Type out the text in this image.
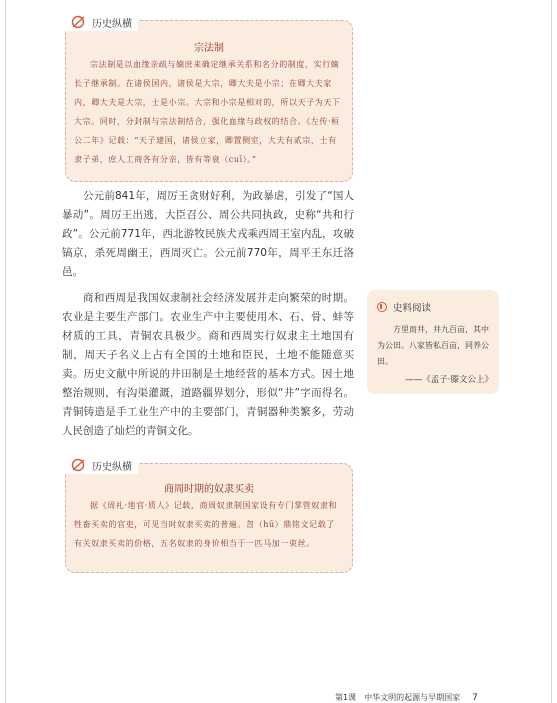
历史纵横
宗法制
宗法制是以血缘亲疏与嫡庶来确定继承关系和名分的制度，实行嫡长子继承制。在诸侯国内，诸侯是大宗，卿大夫是小宗；在卿大夫家内，卿大夫是大宗，士是小宗。大宗和小宗是相对的，所以天子为天下大宗。同时，分封制与宗法制结合，强化血缘与政权的结合。《左传·桓公二年》记载：“天子建国，诸侯立家，卿置侧室，大夫有贰宗，士有隶子弟，庶人工商各有分亲，皆有等衰（cuī）。”
公元前841年，周厉王贪财好利，为政暴虐，引发了“国人暴动”。周厉王出逃，大臣召公、周公共同执政，史称“共和行政”。公元前771年，西北游牧民族犬戎乘西周王室内乱，攻破镐京，杀死周幽王，西周灭亡。公元前770年，周平王东迁洛邑。
商和西周是我国奴隶制社会经济发展并走向繁荣的时期。农业是主要生产部门。农业生产中主要使用木、石、骨、蚌等材质的工具，青铜农具极少。商和西周实行奴隶主土地国有制，周天子名义上占有全国的土地和臣民，土地不能随意买卖。历史文献中所说的井田制是土地经营的基本方式。因土地整治规则，有沟渠灌溉，道路疆界划分，形似“井”字而得名。青铜铸造是手工业生产中的主要部门，青铜器种类繁多，劳动人民创造了灿烂的青铜文化。
史料阅读
方里而井，井九百亩，其中为公田。八家皆私百亩，同养公田。
——《孟子·滕文公上》
历史纵横
商周时期的奴隶买卖
据《周礼·地官·质人》记载，商周奴隶制国家设有专门掌管奴隶和牲畜买卖的官吏，可见当时奴隶买卖的普遍。曶（hū）鼎铭文记载了有关奴隶买卖的价格，五名奴隶的身价相当于一匹马加一束丝。
第1课　中华文明的起源与早期国家 7
